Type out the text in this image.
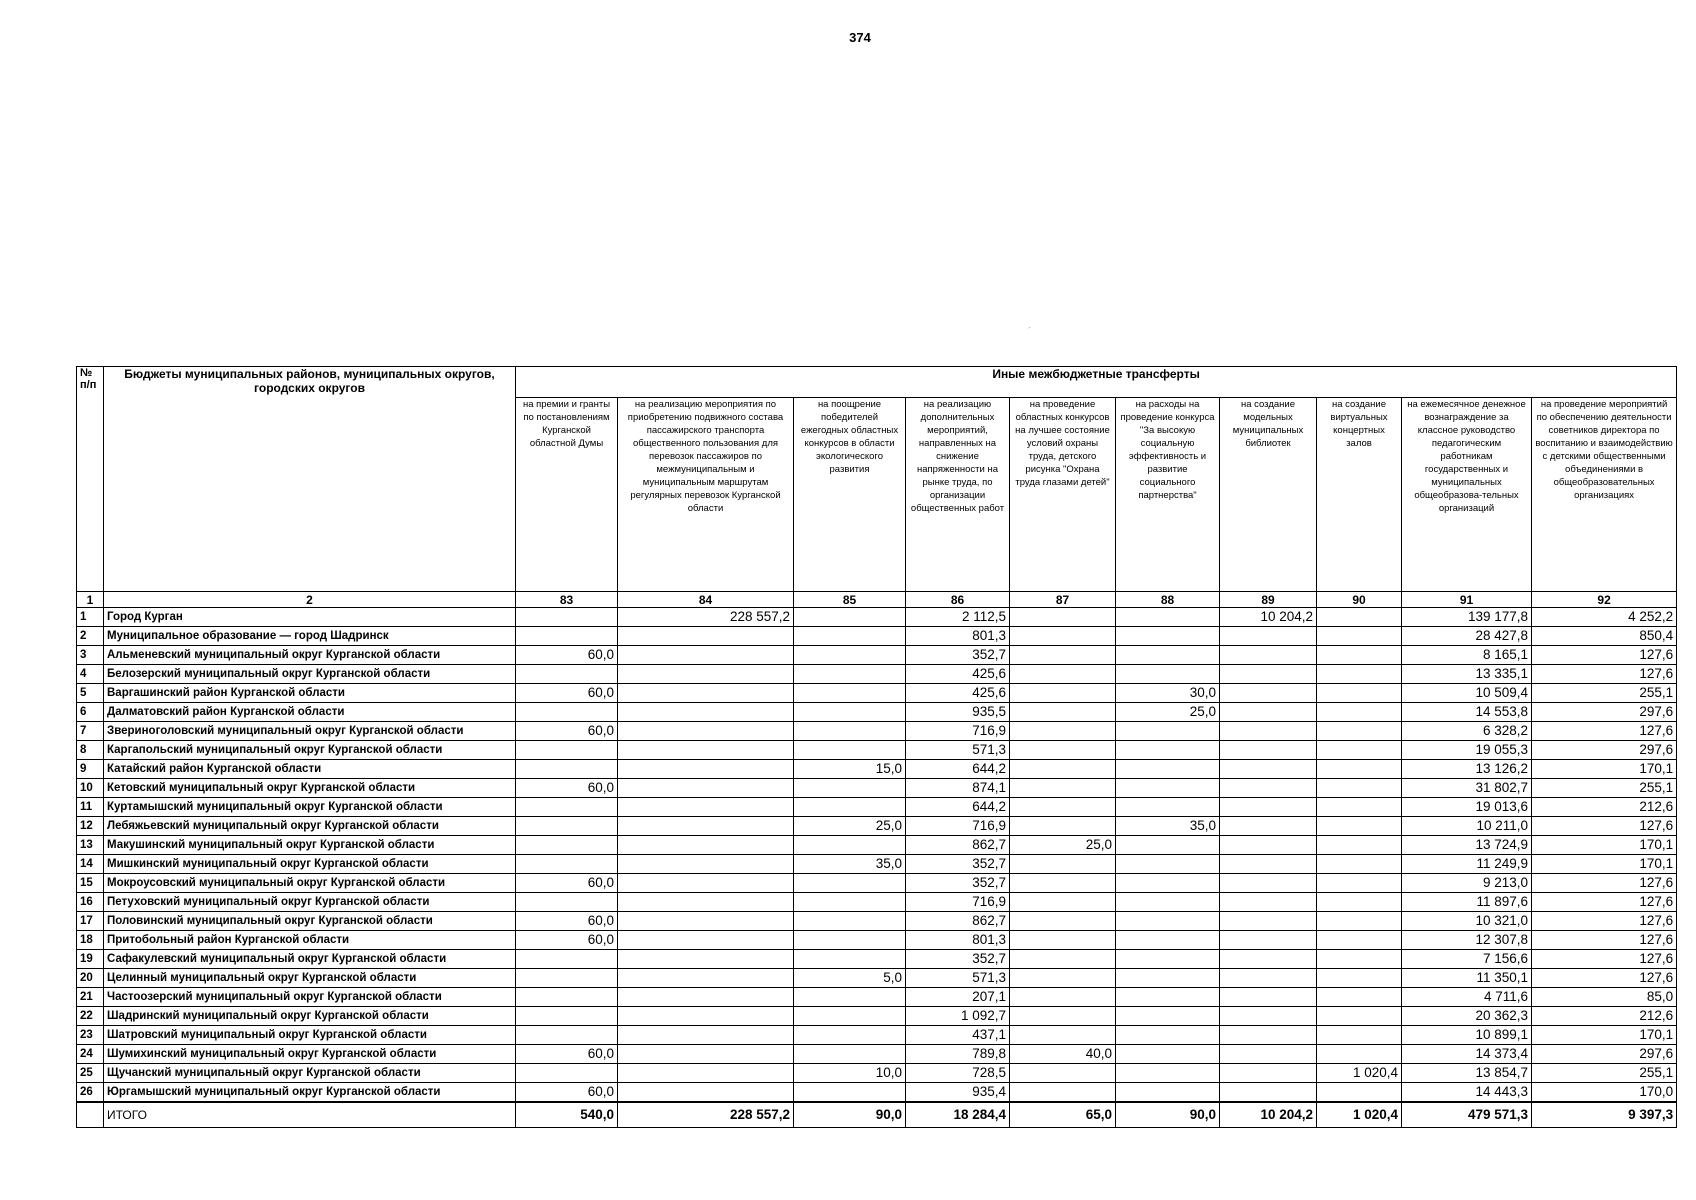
374
´
№ п/п	Бюджеты муниципальных районов, муниципальных округов, городских округов	Иные межбюджетные трансферты									
		на премии и гранты по постановлениям Курганской областной Думы	на реализацию мероприятия по приобретению подвижного состава пассажирского транспорта общественного пользования для перевозок пассажиров по межмуниципальным и муниципальным маршрутам регулярных перевозок Курганской области	на поощрение победителей ежегодных областных конкурсов в области экологического развития	на реализацию дополнительных мероприятий, направленных на снижение напряженности на рынке труда, по организации общественных работ	на проведение областных конкурсов на лучшее состояние условий охраны труда, детского рисунка "Охрана труда глазами детей"	на расходы на проведение конкурса "За высокую социальную эффективность и развитие социального партнерства"	на создание модельных муниципальных библиотек	на создание виртуальных концертных залов	на ежемесячное денежное вознаграждение за классное руководство педагогическим работникам государственных и муниципальных общеобразова-тельных организаций	на проведение мероприятий по обеспечению деятельности советников директора по воспитанию и взаимодействию с детскими общественными объединениями в общеобразовательных организациях
1	2	83	84	85	86	87	88	89	90	91	92
1	Город Курган		228 557,2		2 112,5			10 204,2		139 177,8	4 252,2
2	Муниципальное образование — город Шадринск				801,3					28 427,8	850,4
3	Альменевский муниципальный округ Курганской области	60,0			352,7					8 165,1	127,6
4	Белозерский муниципальный округ Курганской области				425,6					13 335,1	127,6
5	Варгашинский район Курганской области	60,0			425,6		30,0			10 509,4	255,1
6	Далматовский район Курганской области				935,5		25,0			14 553,8	297,6
7	Звериноголовский муниципальный округ Курганской области	60,0			716,9					6 328,2	127,6
8	Каргапольский муниципальный округ Курганской области				571,3					19 055,3	297,6
9	Катайский район Курганской области			15,0	644,2					13 126,2	170,1
10	Кетовский муниципальный округ Курганской области	60,0			874,1					31 802,7	255,1
11	Куртамышский муниципальный округ Курганской области				644,2					19 013,6	212,6
12	Лебяжьевский муниципальный округ Курганской области			25,0	716,9		35,0			10 211,0	127,6
13	Макушинский муниципальный округ Курганской области				862,7	25,0				13 724,9	170,1
14	Мишкинский муниципальный округ Курганской области			35,0	352,7					11 249,9	170,1
15	Мокроусовский муниципальный округ Курганской области	60,0			352,7					9 213,0	127,6
16	Петуховский муниципальный округ Курганской области				716,9					11 897,6	127,6
17	Половинский муниципальный округ Курганской области	60,0			862,7					10 321,0	127,6
18	Притобольный район Курганской области	60,0			801,3					12 307,8	127,6
19	Сафакулевский муниципальный округ Курганской области				352,7					7 156,6	127,6
20	Целинный муниципальный округ Курганской области			5,0	571,3					11 350,1	127,6
21	Частоозерский муниципальный округ Курганской области				207,1					4 711,6	85,0
22	Шадринский муниципальный округ Курганской области				1 092,7					20 362,3	212,6
23	Шатровский муниципальный округ Курганской области				437,1					10 899,1	170,1
24	Шумихинский муниципальный округ Курганской области	60,0			789,8	40,0				14 373,4	297,6
25	Щучанский муниципальный округ Курганской области			10,0	728,5				1 020,4	13 854,7	255,1
26	Юргамышский муниципальный округ Курганской области	60,0			935,4					14 443,3	170,0
	ИТОГО	540,0	228 557,2	90,0	18 284,4	65,0	90,0	10 204,2	1 020,4	479 571,3	9 397,3
